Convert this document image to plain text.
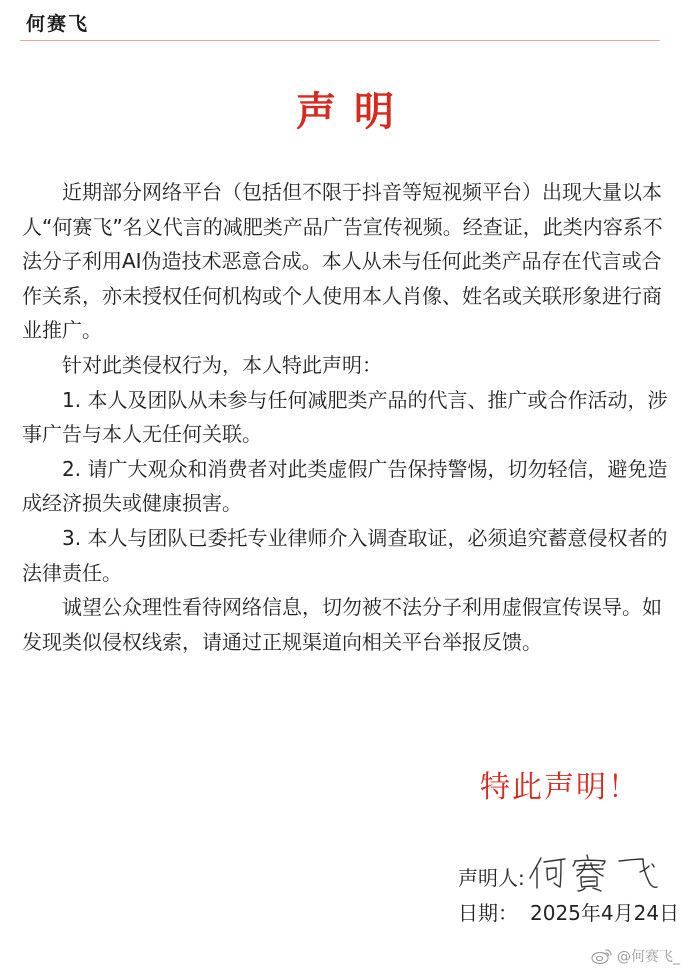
何赛飞
声明

近期部分网络平台（包括但不限于抖音等短视频平台）出现大量以本人“何赛飞”名义代言的减肥类产品广告宣传视频。经查证，此类内容系不法分子利用AI伪造技术恶意合成。本人从未与任何此类产品存在代言或合作关系，亦未授权任何机构或个人使用本人肖像、姓名或关联形象进行商业推广。

针对此类侵权行为，本人特此声明：

1. 本人及团队从未参与任何减肥类产品的代言、推广或合作活动，涉事广告与本人无任何关联。

2. 请广大观众和消费者对此类虚假广告保持警惕，切勿轻信，避免造成经济损失或健康损害。

3. 本人与团队已委托专业律师介入调查取证，必须追究蓄意侵权者的法律责任。

诚望公众理性看待网络信息，切勿被不法分子利用虚假宣传误导。如发现类似侵权线索，请通过正规渠道向相关平台举报反馈。

特此声明！
声明人:
日期： 2025年4月24日
@何赛飞_
